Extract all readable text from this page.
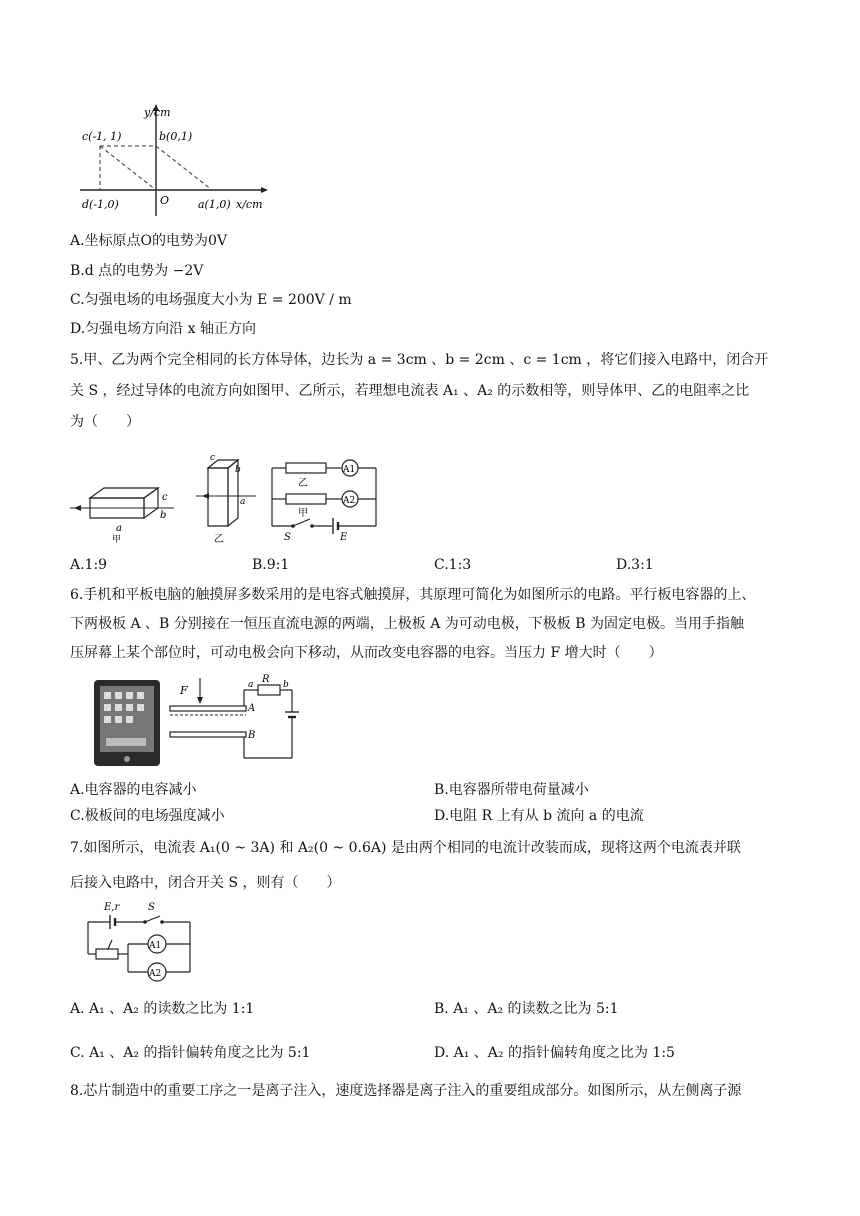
y/cm
c(-1, 1)	b(0,1)
d(-1,0)	O	a(1,0) x/cm
A.坐标原点O的电势为0V
B.d 点的电势为 −2V
C.匀强电场的电场强度大小为 E = 200V / m
D.匀强电场方向沿 x 轴正方向
5.甲、乙为两个完全相同的长方体导体，边长为 a = 3cm 、b = 2cm 、c = 1cm ，将它们接入电路中，闭合开
关 S ，经过导体的电流方向如图甲、乙所示，若理想电流表 A₁ 、A₂ 的示数相等，则导体甲、乙的电阻率之比
为（　　）
c
b
a
甲
c
b
a
乙
A1
乙
A2
甲
S	E
A.1:9	B.9:1	C.1:3	D.3:1
6.手机和平板电脑的触摸屏多数采用的是电容式触摸屏，其原理可简化为如图所示的电路。平行板电容器的上、
下两极板 A 、B 分别接在一恒压直流电源的两端，上极板 A 为可动电极，下极板 B 为固定电极。当用手指触
压屏幕上某个部位时，可动电极会向下移动，从而改变电容器的电容。当压力 F 增大时（　　）
F
A
B
R
a	b
A.电容器的电容减小	B.电容器所带电荷量减小
C.极板间的电场强度减小	D.电阻 R 上有从 b 流向 a 的电流
7.如图所示，电流表 A₁(0 ~ 3A) 和 A₂(0 ~ 0.6A) 是由两个相同的电流计改装而成，现将这两个电流表并联
后接入电路中，闭合开关 S ，则有（　　）
E,r	S
A1
A2
A. A₁ 、A₂ 的读数之比为 1:1	B. A₁ 、A₂ 的读数之比为 5:1
C. A₁ 、A₂ 的指针偏转角度之比为 5:1	D. A₁ 、A₂ 的指针偏转角度之比为 1:5
8.芯片制造中的重要工序之一是离子注入，速度选择器是离子注入的重要组成部分。如图所示，从左侧离子源
